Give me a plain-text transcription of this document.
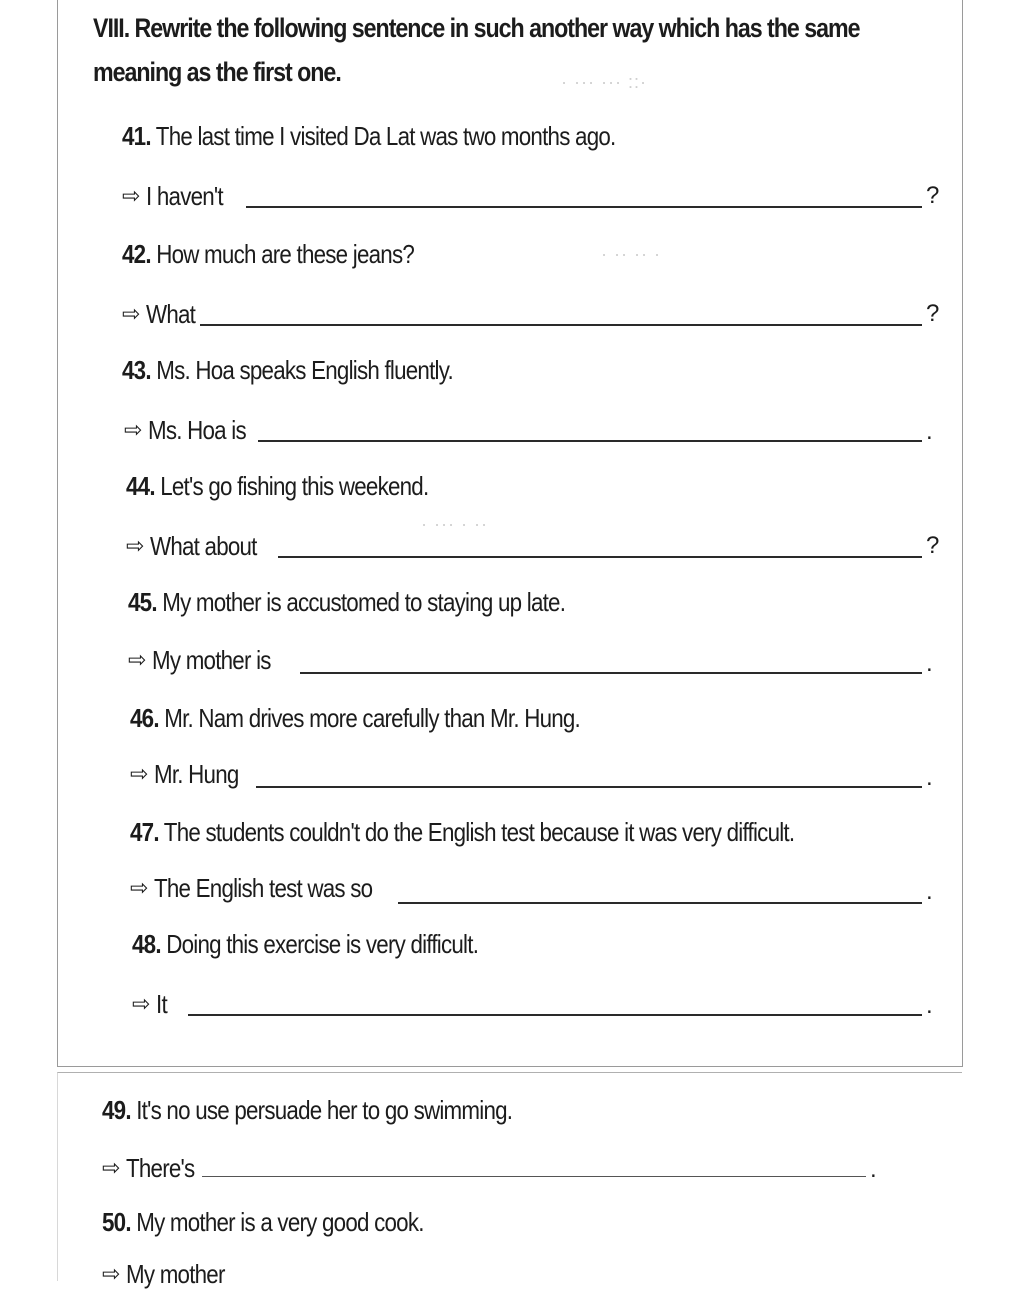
·:: ··· ··· ·
· ·· ·· ·
·· · ··· ·
VIII. Rewrite the following sentence in such another way which has the same
meaning as the first one.
41. The last time I visited Da Lat was two months ago.
⇨ I haven't	?
42. How much are these jeans?
⇨ What	?
43. Ms. Hoa speaks English fluently.
⇨ Ms. Hoa is	.
44. Let's go fishing this weekend.
⇨ What about	?
45. My mother is accustomed to staying up late.
⇨ My mother is	.
46. Mr. Nam drives more carefully than Mr. Hung.
⇨ Mr. Hung	.
47. The students couldn't do the English test because it was very difficult.
⇨ The English test was so	.
48. Doing this exercise is very difficult.
⇨ It	.
49. It's no use persuade her to go swimming.
⇨ There's	.
50. My mother is a very good cook.
⇨ My mother
